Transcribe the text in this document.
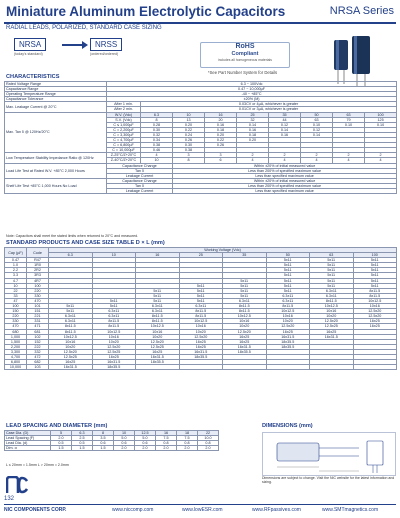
Miniature Aluminum Electrolytic Capacitors	NRSA Series
RADIAL LEADS, POLARIZED, STANDARD CASE SIZING
NRSA
(today's standard)
NRSS
(ordered/ordered)
RoHS
Compliant
includes all homogeneous materials
*See Part Number System for Details
CHARACTERISTICS
Rated Voltage Range	6.3 ~ 100Vdc								
Capacitance Range	0.47 ~ 10,000µF								
Operating Temperature Range	-40 ~ +85°C								
Capacitance Tolerance	±20% (M)								
Max. Leakage Current @ 20°C	After 1 min.	0.03CV or 4µA, whichever is greater							
	After 2 min.	0.01CV or 3µA, whichever is greater							
Max. Tan δ @ 120Hz/20°C	W.V. (Vdc)	6.3	10	16	25	35	50	63	100
	S.V. (Vdc)	8	13	20	32	44	63	79	125
	C ≤ 1,000µF	0.28	0.20	0.16	0.14	0.12	0.10	0.10	0.10
	C = 2,200µF	0.30	0.22	0.18	0.16	0.14	0.12		
	C = 3,300µF	0.32	0.24	0.20	0.18	0.16	0.14		
	C = 4,700µF	0.34	0.26	0.22	0.20				
	C = 6,800µF	0.38	0.30	0.26					
	C = 10,000µF	0.46	0.38						
Low Temperature Stability Impedance Ratio @ 120Hz	Z-25°C/Z+20°C	4	3	3	2	2	2	2	2
	Z-40°C/Z+20°C	10	8	6	4	4	4	4	4
Load Life Test at Rated W.V. +85°C 2,000 Hours	Capacitance Change		Within ±20% of initial measured value						
	Tan δ		Less than 200% of specified maximum value						
	Leakage Current		Less than specified maximum value						
Shelf Life Test +85°C 1,000 Hours No Load	Capacitance Change		Within ±20% of initial measured value						
	Tan δ		Less than 200% of specified maximum value						
	Leakage Current		Less than specified maximum value						
Note: Capacitors shall meet the stated limits when returned to 20°C and measured.
STANDARD PRODUCTS AND CASE SIZE TABLE D × L (mm)
Cap (µF)	Code	Working Voltage (Vdc)							
		6.3	10	16	25	35	50	63	100
0.47	R47						5x11	5x11	5x11
1.0	1R0						5x11	5x11	5x11
2.2	2R2						5x11	5x11	5x11
3.3	3R3						5x11	5x11	5x11
4.7	4R7					5x11	5x11	5x11	5x11
10	100				5x11	5x11	5x11	5x11	5x11
22	220			5x11	5x11	5x11	5x11	6.3x11	8x11.5
33	330			5x11	5x11	5x11	6.3x11	6.3x11	8x11.5
47	470		5x11	5x11	5x11	6.3x11	6.3x11	8x11.5	10x12.5
100	101	5x11	5x11	6.3x11	6.3x11	8x11.5	8x11.5	10x12.5	10x16
150	151	5x11	6.3x11	6.3x11	8x11.5	8x11.5	10x12.5	10x16	12.5x20
220	221	6.3x11	6.3x11	8x11.5	8x11.5	10x12.5	10x16	10x20	12.5x20
330	331	6.3x11	8x11.5	8x11.5	10x12.5	10x16	10x20	12.5x20	16x25
470	471	8x11.5	8x11.5	10x12.5	10x16	10x20	12.5x20	12.5x25	16x25
680	681	8x11.5	10x12.5	10x16	10x20	12.5x20	16x25	16x25	
1,000	102	10x12.5	10x16	10x20	12.5x20	16x25	16x31.5	16x31.5	
1,500	152	10x16	10x20	12.5x20	16x25	16x25	18x35.5		
2,200	222	10x20	12.5x20	12.5x25	16x25	16x31.5	18x35.5		
3,300	332	12.5x20	12.5x25	16x25	16x31.5	18x35.5			
4,700	472	12.5x25	16x25	16x31.5	18x35.5				
6,800	682	16x25	16x31.5	18x35.5					
10,000	103	16x31.5	18x35.5						
LEAD SPACING AND DIAMETER (mm)
Case Dia. (D)	5	6.3	8	10	12.5	16	18	22
Lead Spacing (F)	2.0	2.5	3.5	5.0	5.0	7.5	7.5	10.0
Lead Dia. (d)	0.5	0.5	0.6	0.6	0.6	0.8	0.8	0.8
Dim. α	1.5	1.5	1.5	2.0	2.0	2.0	2.0	2.0
L ≤ 20mm = 1.5mm L > 20mm = 2.0mm
DIMENSIONS (mm)
Dimensions are subject to change. Visit the NIC website for the latest information and sizing.
132
NIC COMPONENTS CORP.	www.niccomp.com	www.lowESR.com	www.RFpassives.com	www.SMTmagnetics.com
